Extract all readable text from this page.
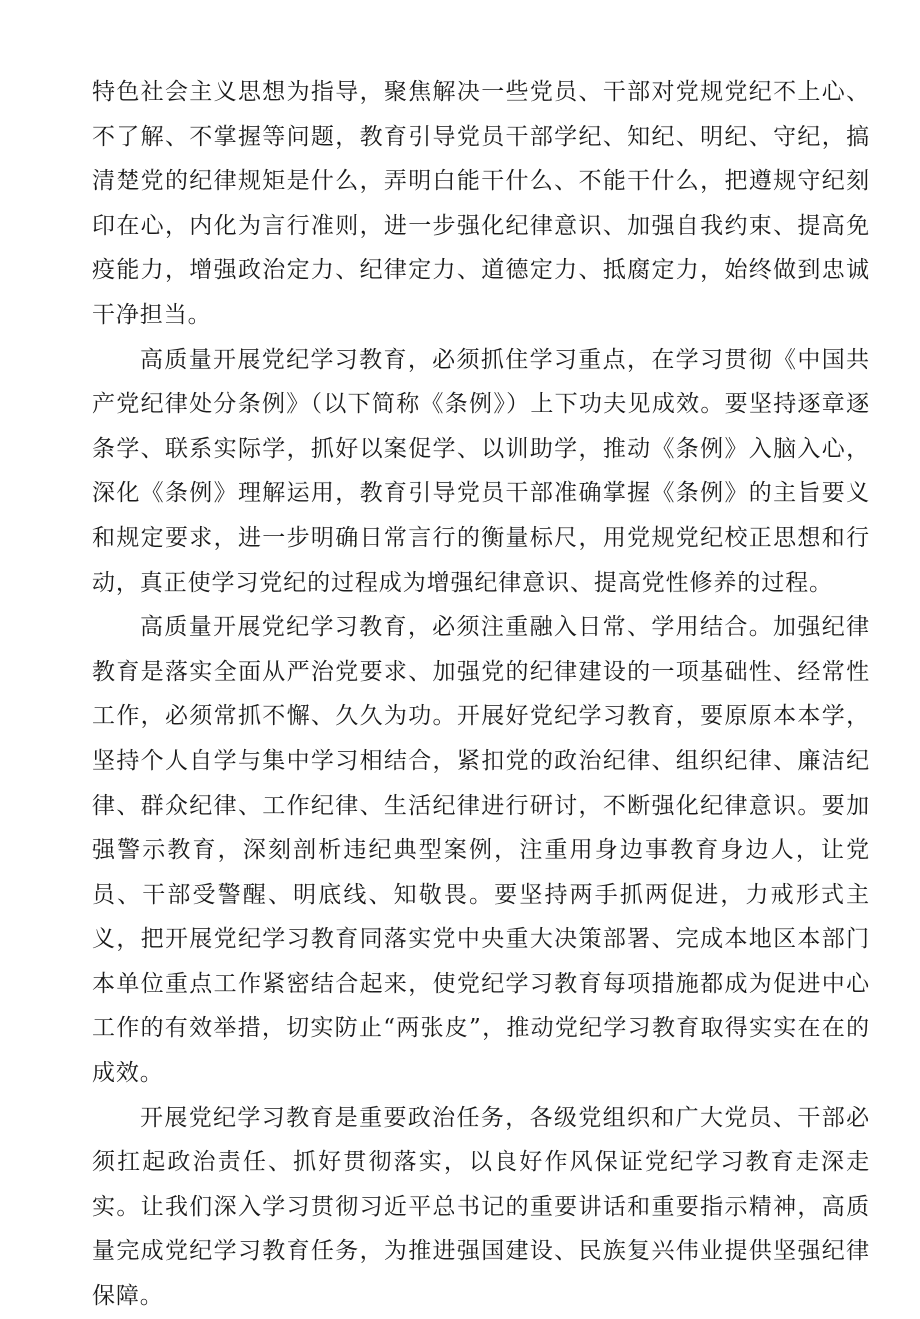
特色社会主义思想为指导，聚焦解决一些党员、干部对党规党纪不上心、不了解、不掌握等问题，教育引导党员干部学纪、知纪、明纪、守纪，搞清楚党的纪律规矩是什么，弄明白能干什么、不能干什么，把遵规守纪刻印在心，内化为言行准则，进一步强化纪律意识、加强自我约束、提高免疫能力，增强政治定力、纪律定力、道德定力、抵腐定力，始终做到忠诚干净担当。

高质量开展党纪学习教育，必须抓住学习重点，在学习贯彻《中国共产党纪律处分条例》（以下简称《条例》）上下功夫见成效。要坚持逐章逐条学、联系实际学，抓好以案促学、以训助学，推动《条例》入脑入心，深化《条例》理解运用，教育引导党员干部准确掌握《条例》的主旨要义和规定要求，进一步明确日常言行的衡量标尺，用党规党纪校正思想和行动，真正使学习党纪的过程成为增强纪律意识、提高党性修养的过程。

高质量开展党纪学习教育，必须注重融入日常、学用结合。加强纪律教育是落实全面从严治党要求、加强党的纪律建设的一项基础性、经常性工作，必须常抓不懈、久久为功。开展好党纪学习教育，要原原本本学，坚持个人自学与集中学习相结合，紧扣党的政治纪律、组织纪律、廉洁纪律、群众纪律、工作纪律、生活纪律进行研讨，不断强化纪律意识。要加强警示教育，深刻剖析违纪典型案例，注重用身边事教育身边人，让党员、干部受警醒、明底线、知敬畏。要坚持两手抓两促进，力戒形式主义，把开展党纪学习教育同落实党中央重大决策部署、完成本地区本部门本单位重点工作紧密结合起来，使党纪学习教育每项措施都成为促进中心工作的有效举措，切实防止“两张皮”，推动党纪学习教育取得实实在在的成效。

开展党纪学习教育是重要政治任务，各级党组织和广大党员、干部必须扛起政治责任、抓好贯彻落实，以良好作风保证党纪学习教育走深走实。让我们深入学习贯彻习近平总书记的重要讲话和重要指示精神，高质量完成党纪学习教育任务，为推进强国建设、民族复兴伟业提供坚强纪律保障。
